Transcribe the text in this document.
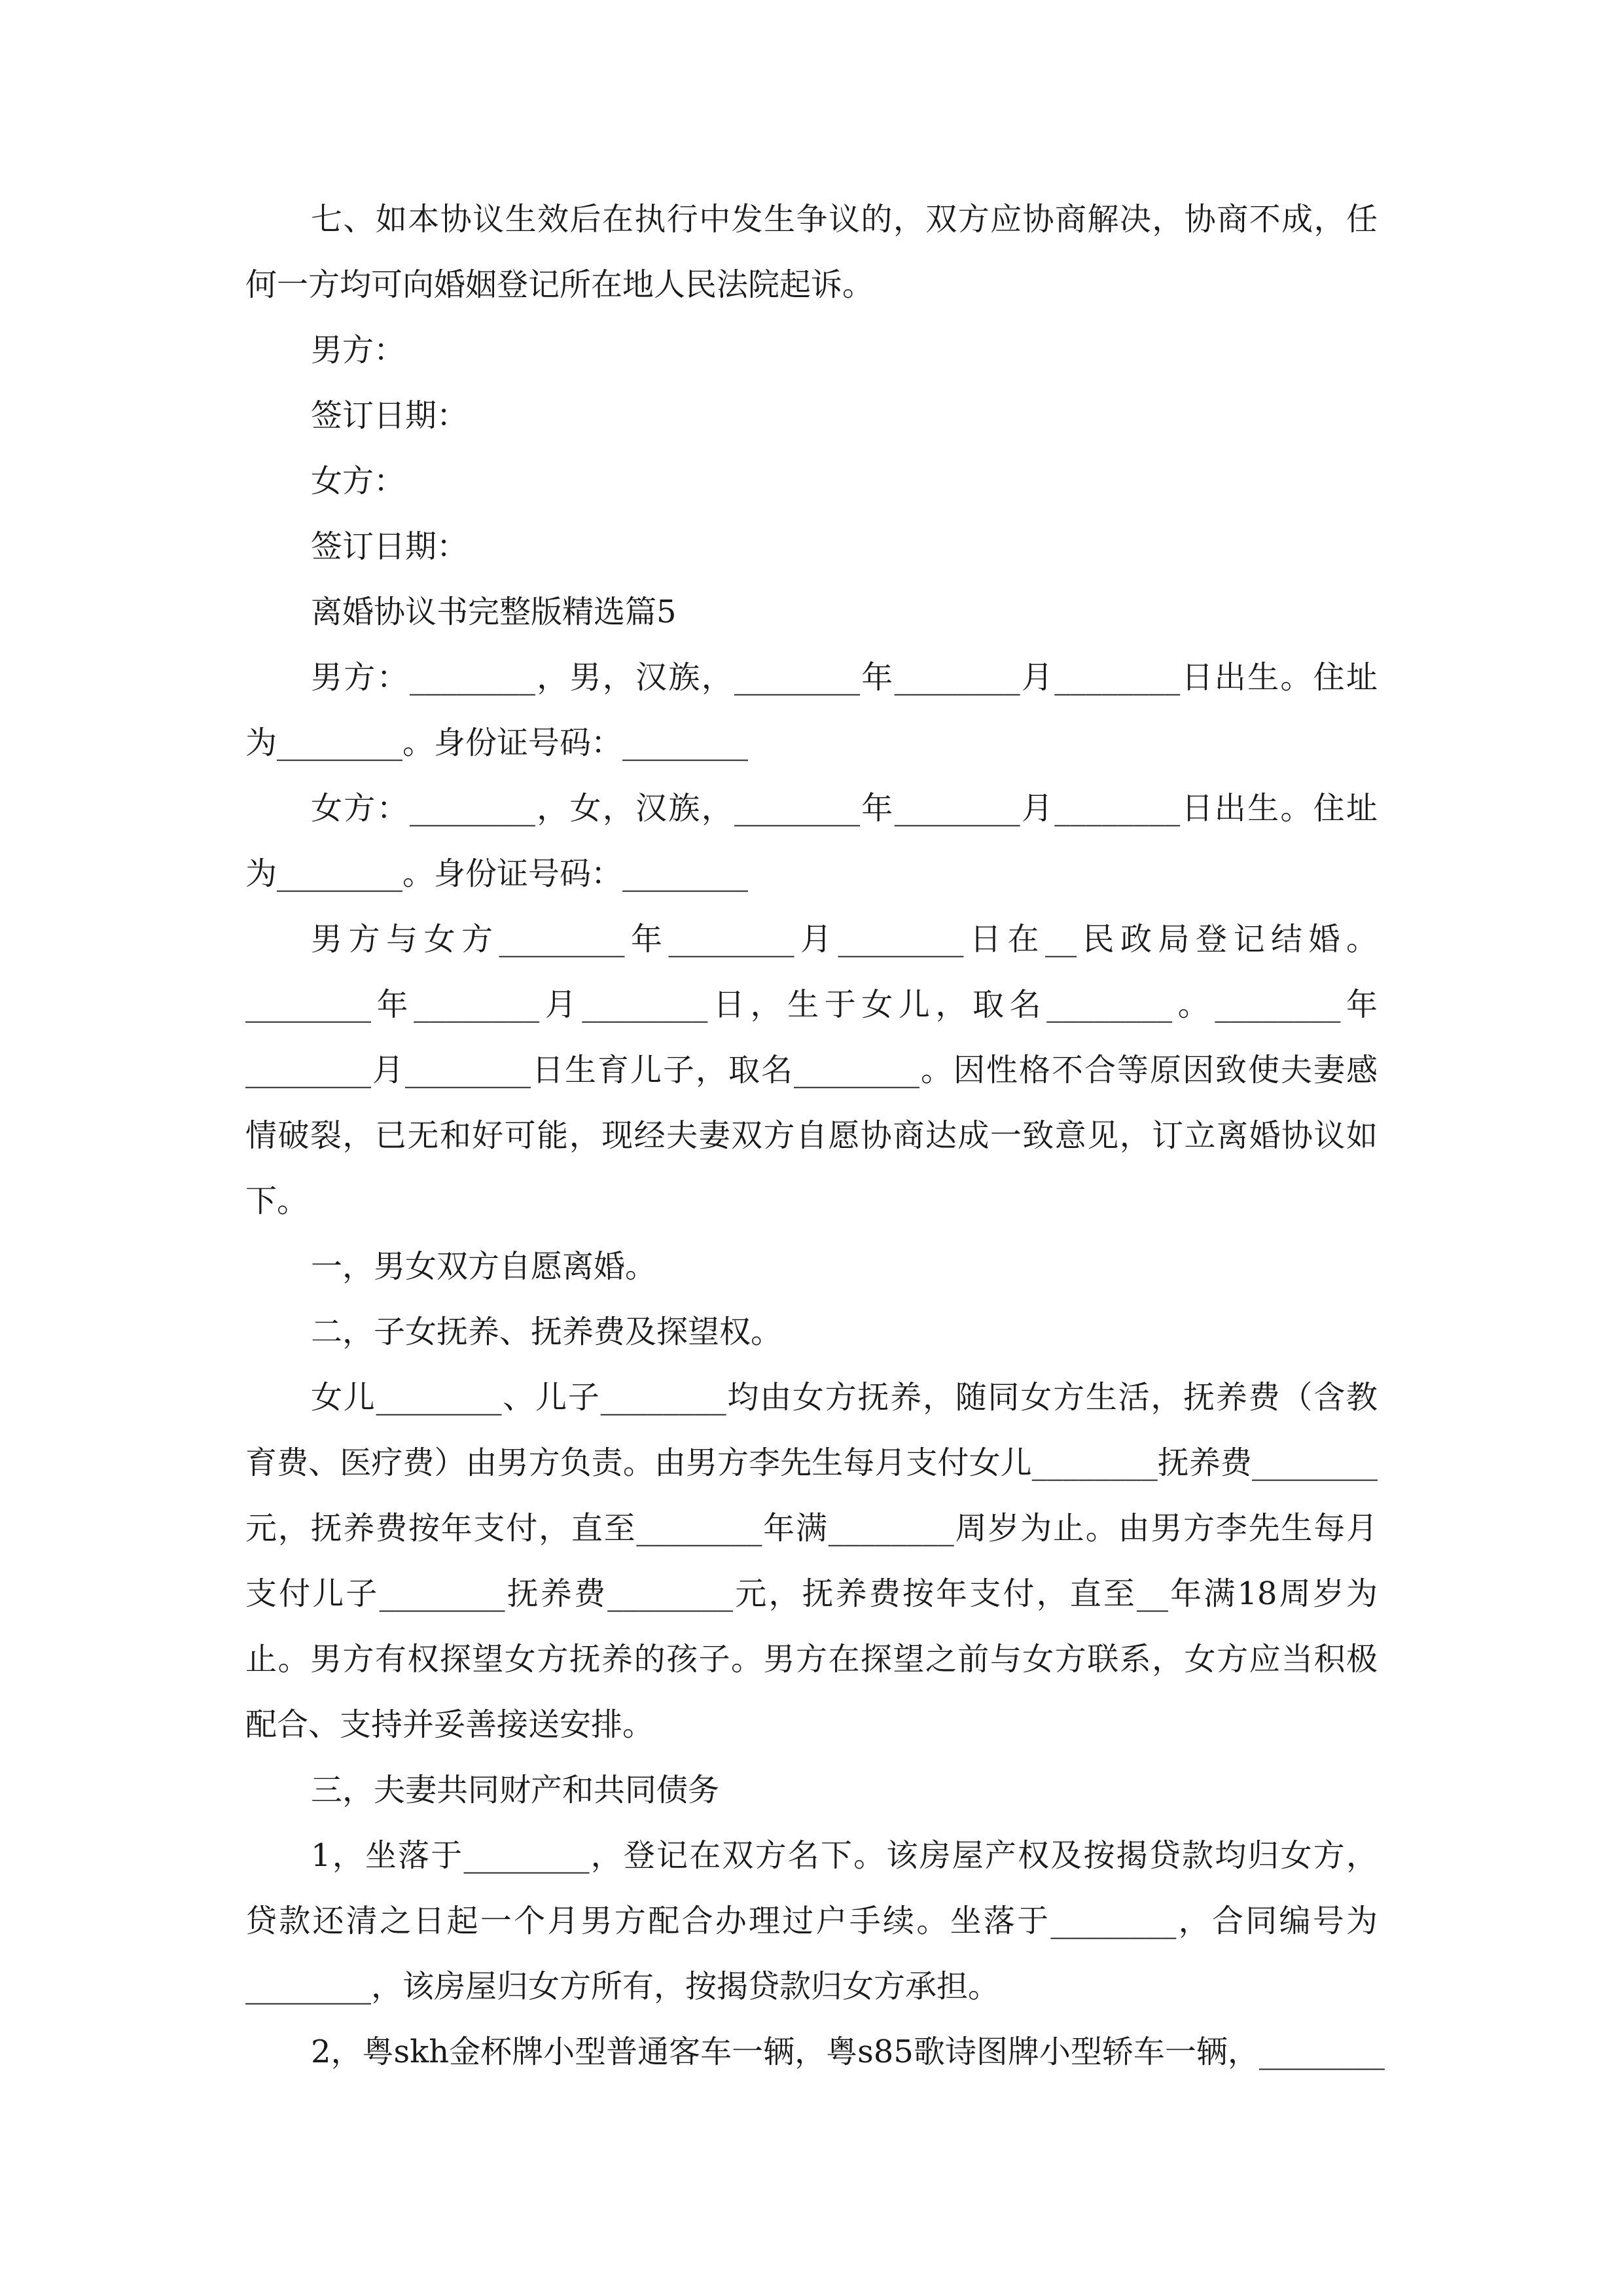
七、如本协议生效后在执行中发生争议的，双方应协商解决，协商不成，任

何一方均可向婚姻登记所在地人民法院起诉。

男方：

签订日期：

女方：

签订日期：

离婚协议书完整版精选篇5

男方：________，男，汉族，________年________月________日出生。住址

为________。身份证号码：________

女方：________，女，汉族，________年________月________日出生。住址

为________。身份证号码：________

男方与女方________年________月________日在__民政局登记结婚。

________年________月________日，生于女儿，取名________。________年

________月________日生育儿子，取名________。因性格不合等原因致使夫妻感

情破裂，已无和好可能，现经夫妻双方自愿协商达成一致意见，订立离婚协议如

下。

一，男女双方自愿离婚。

二，子女抚养、抚养费及探望权。

女儿________、儿子________均由女方抚养，随同女方生活，抚养费（含教

育费、医疗费）由男方负责。由男方李先生每月支付女儿________抚养费________

元，抚养费按年支付，直至________年满________周岁为止。由男方李先生每月

支付儿子________抚养费________元，抚养费按年支付，直至__年满18周岁为

止。男方有权探望女方抚养的孩子。男方在探望之前与女方联系，女方应当积极

配合、支持并妥善接送安排。

三，夫妻共同财产和共同债务

1，坐落于________，登记在双方名下。该房屋产权及按揭贷款均归女方，

贷款还清之日起一个月男方配合办理过户手续。坐落于________，合同编号为

________，该房屋归女方所有，按揭贷款归女方承担。

2，粤skh金杯牌小型普通客车一辆，粤s85歌诗图牌小型轿车一辆，________
